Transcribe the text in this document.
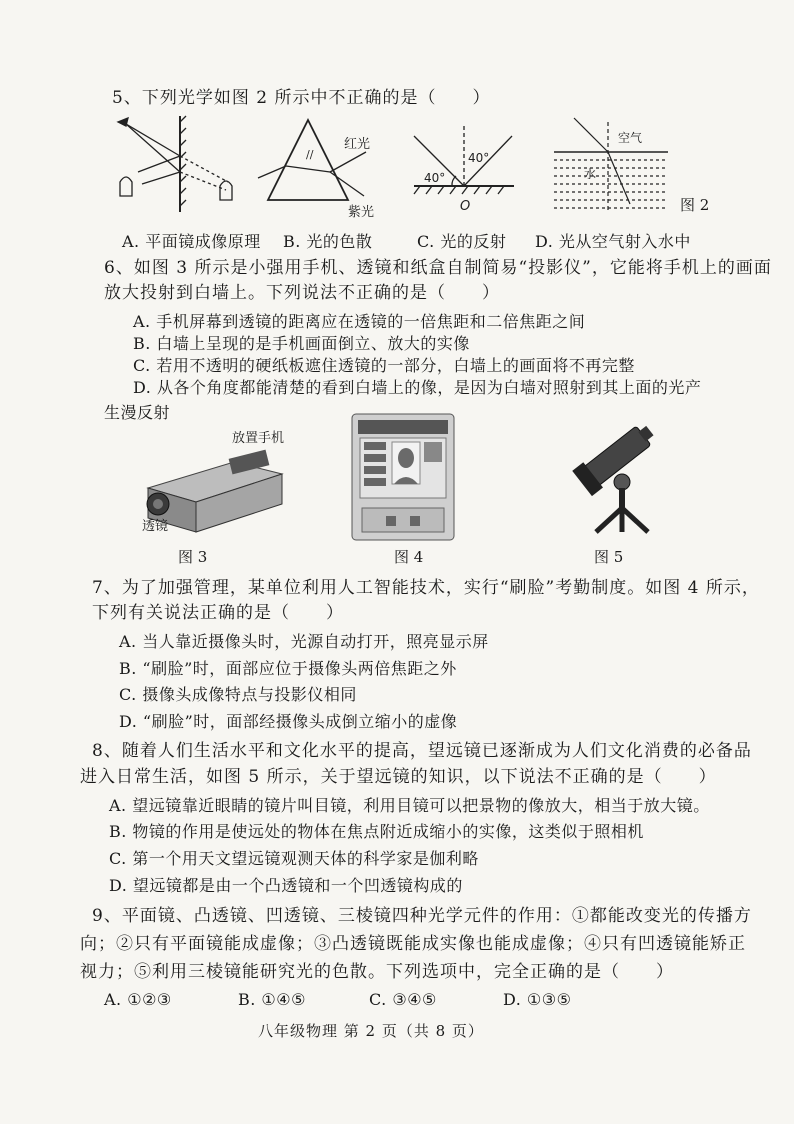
5、下列光学如图 2 所示中不正确的是（　　）
//
红光
紫光
40°
40°
O
空气
水
图 2
A. 平面镜成像原理 B. 光的色散	C. 光的反射 D. 光从空气射入水中
6、如图 3 所示是小强用手机、透镜和纸盒自制简易“投影仪”，它能将手机上的画面
放大投射到白墙上。下列说法不正确的是（　　）
A. 手机屏幕到透镜的距离应在透镜的一倍焦距和二倍焦距之间
B. 白墙上呈现的是手机画面倒立、放大的实像
C. 若用不透明的硬纸板遮住透镜的一部分，白墙上的画面将不再完整
D. 从各个角度都能清楚的看到白墙上的像，是因为白墙对照射到其上面的光产
生漫反射
放置手机
透镜
图 3	图 4	图 5
7、为了加强管理，某单位利用人工智能技术，实行“刷脸”考勤制度。如图 4 所示，
下列有关说法正确的是（　　）
A. 当人靠近摄像头时，光源自动打开，照亮显示屏
B. “刷脸”时，面部应位于摄像头两倍焦距之外
C. 摄像头成像特点与投影仪相同
D. “刷脸”时，面部经摄像头成倒立缩小的虚像
8、随着人们生活水平和文化水平的提高，望远镜已逐渐成为人们文化消费的必备品
进入日常生活，如图 5 所示，关于望远镜的知识，以下说法不正确的是（　　）
A. 望远镜靠近眼睛的镜片叫目镜，利用目镜可以把景物的像放大，相当于放大镜。
B. 物镜的作用是使远处的物体在焦点附近成缩小的实像，这类似于照相机
C. 第一个用天文望远镜观测天体的科学家是伽利略
D. 望远镜都是由一个凸透镜和一个凹透镜构成的
9、平面镜、凸透镜、凹透镜、三棱镜四种光学元件的作用：①都能改变光的传播方
向；②只有平面镜能成虚像；③凸透镜既能成实像也能成虚像；④只有凹透镜能矫正
视力；⑤利用三棱镜能研究光的色散。下列选项中，完全正确的是（　　）
A. ①②③	B. ①④⑤	C. ③④⑤	D. ①③⑤
八年级物理 第 2 页（共 8 页）
